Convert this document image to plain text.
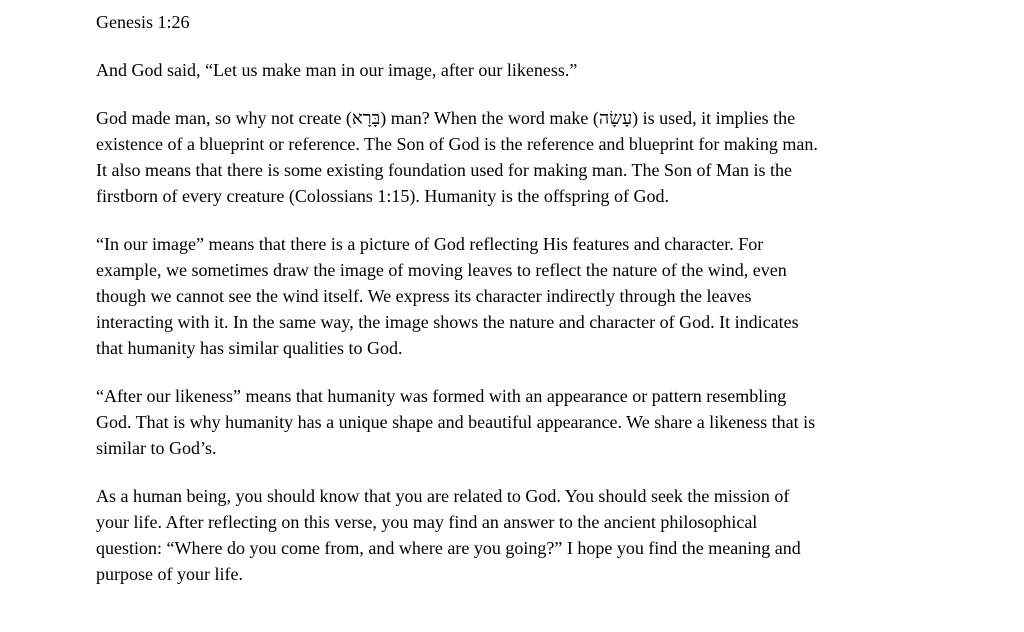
Genesis 1:26
And God said, “Let us make man in our image, after our likeness.”
God made man, so why not create (בָּרָא) man? When the word make (עָשָׂה) is used, it implies the
existence of a blueprint or reference. The Son of God is the reference and blueprint for making man.
It also means that there is some existing foundation used for making man. The Son of Man is the
firstborn of every creature (Colossians 1:15). Humanity is the offspring of God.
“In our image” means that there is a picture of God reflecting His features and character. For
example, we sometimes draw the image of moving leaves to reflect the nature of the wind, even
though we cannot see the wind itself. We express its character indirectly through the leaves
interacting with it. In the same way, the image shows the nature and character of God. It indicates
that humanity has similar qualities to God.
“After our likeness” means that humanity was formed with an appearance or pattern resembling
God. That is why humanity has a unique shape and beautiful appearance. We share a likeness that is
similar to God’s.
As a human being, you should know that you are related to God. You should seek the mission of
your life. After reflecting on this verse, you may find an answer to the ancient philosophical
question: “Where do you come from, and where are you going?” I hope you find the meaning and
purpose of your life.
